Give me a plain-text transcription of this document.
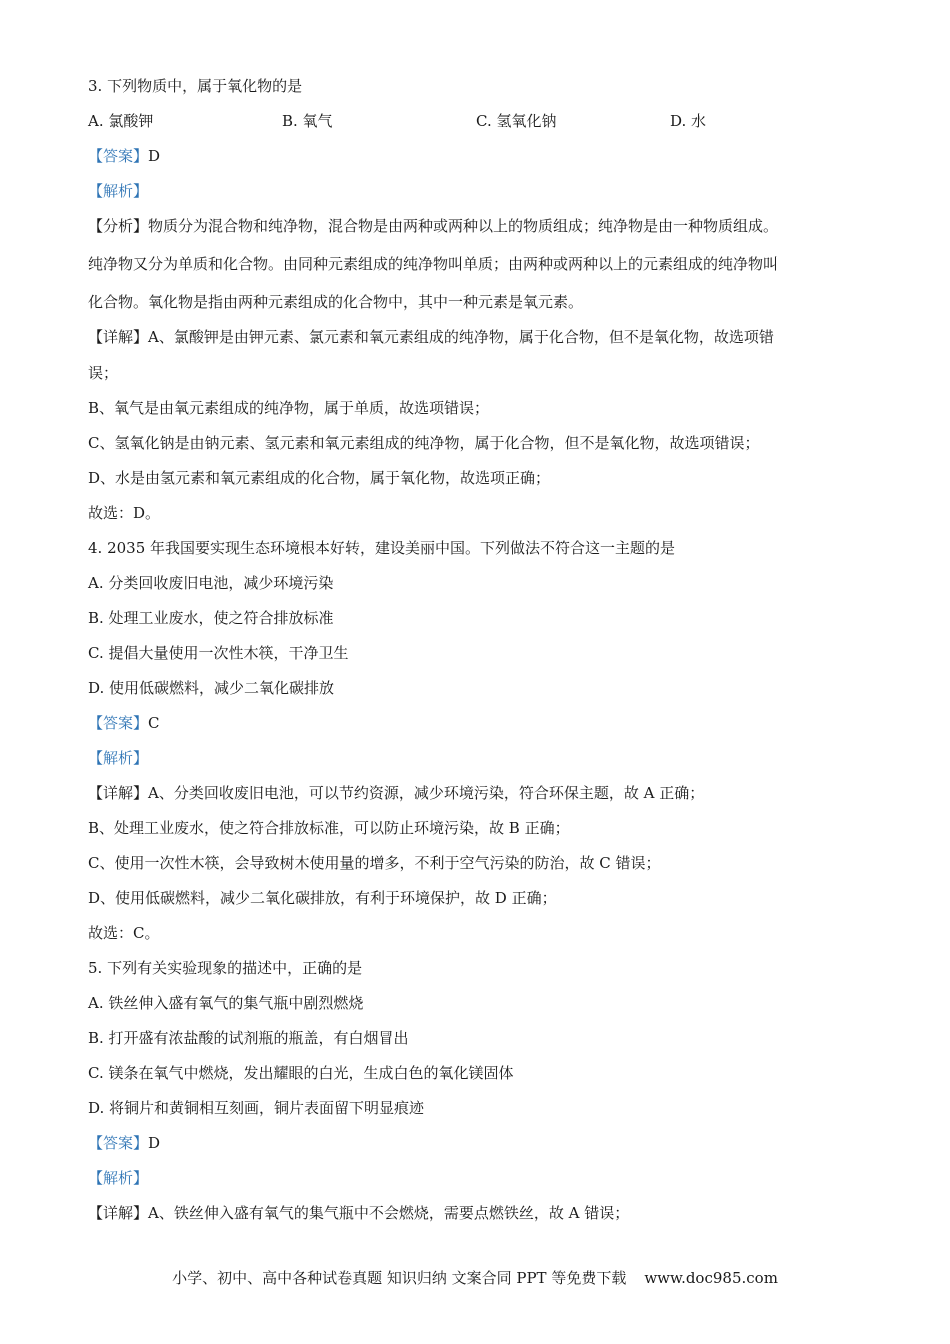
3. 下列物质中，属于氧化物的是
A. 氯酸钾	B. 氧气	C. 氢氧化钠	D. 水
【答案】D
【解析】
【分析】物质分为混合物和纯净物，混合物是由两种或两种以上的物质组成；纯净物是由一种物质组成。
纯净物又分为单质和化合物。由同种元素组成的纯净物叫单质；由两种或两种以上的元素组成的纯净物叫
化合物。氧化物是指由两种元素组成的化合物中，其中一种元素是氧元素。
【详解】A、氯酸钾是由钾元素、氯元素和氧元素组成的纯净物，属于化合物，但不是氧化物，故选项错
误；
B、氧气是由氧元素组成的纯净物，属于单质，故选项错误；
C、氢氧化钠是由钠元素、氢元素和氧元素组成的纯净物，属于化合物，但不是氧化物，故选项错误；
D、水是由氢元素和氧元素组成的化合物，属于氧化物，故选项正确；
故选：D。
4. 2035 年我国要实现生态环境根本好转，建设美丽中国。下列做法不符合这一主题的是
A. 分类回收废旧电池，减少环境污染
B. 处理工业废水，使之符合排放标准
C. 提倡大量使用一次性木筷，干净卫生
D. 使用低碳燃料，减少二氧化碳排放
【答案】C
【解析】
【详解】A、分类回收废旧电池，可以节约资源，减少环境污染，符合环保主题，故 A 正确；
B、处理工业废水，使之符合排放标准，可以防止环境污染，故 B 正确；
C、使用一次性木筷，会导致树木使用量的增多，不利于空气污染的防治，故 C 错误；
D、使用低碳燃料，减少二氧化碳排放，有利于环境保护，故 D 正确；
故选：C。
5. 下列有关实验现象的描述中，正确的是
A. 铁丝伸入盛有氧气的集气瓶中剧烈燃烧
B. 打开盛有浓盐酸的试剂瓶的瓶盖，有白烟冒出
C. 镁条在氧气中燃烧，发出耀眼的白光，生成白色的氧化镁固体
D. 将铜片和黄铜相互刻画，铜片表面留下明显痕迹
【答案】D
【解析】
【详解】A、铁丝伸入盛有氧气的集气瓶中不会燃烧，需要点燃铁丝，故 A 错误；
小学、初中、高中各种试卷真题 知识归纳 文案合同 PPT 等免费下载 www.doc985.com
